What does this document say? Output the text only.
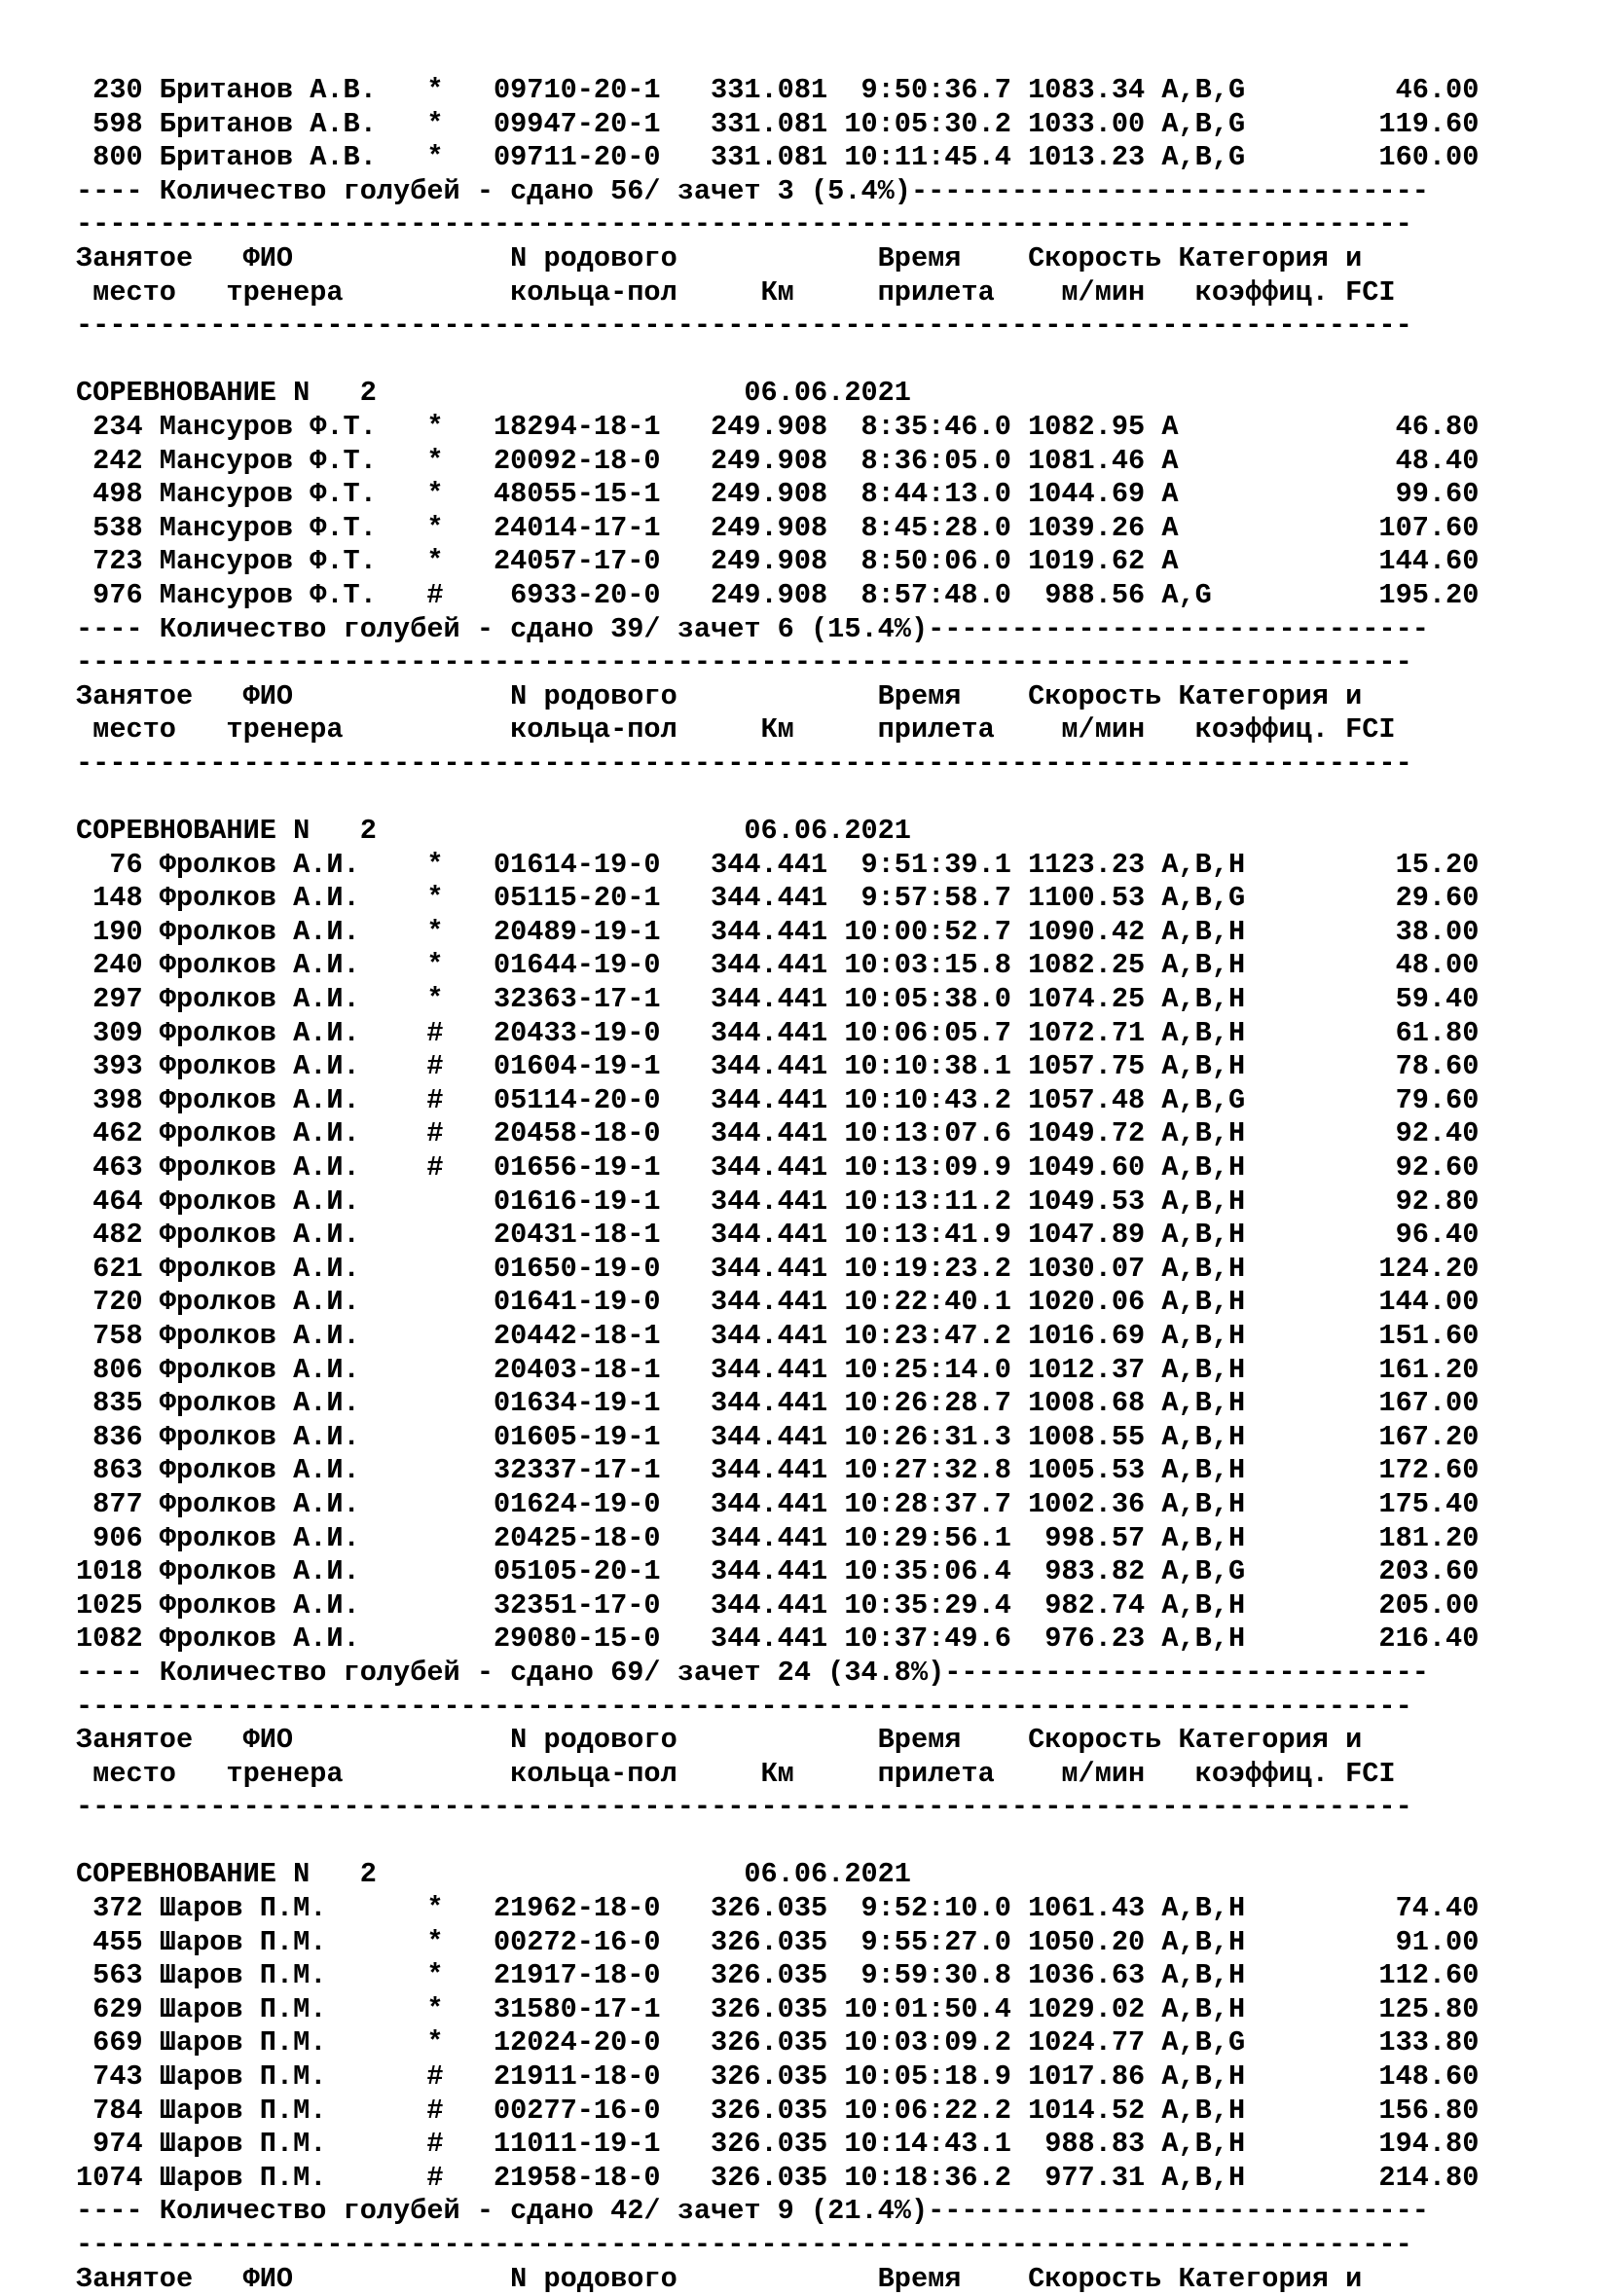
230 Британов А.В.   *   09710-20-1   331.081  9:50:36.7 1083.34 A,B,G         46.00
598 Британов А.В.   *   09947-20-1   331.081 10:05:30.2 1033.00 A,B,G        119.60
800 Британов А.В.   *   09711-20-0   331.081 10:11:45.4 1013.23 A,B,G        160.00
---- Количество голубей - сдано 56/ зачет 3 (5.4%)-------------------------------
--------------------------------------------------------------------------------
Занятое   ФИО             N родового            Время    Скорость Категория и
место   тренера          кольца-пол     Км     прилета    м/мин   коэффиц. FCI
--------------------------------------------------------------------------------

СОРЕВНОВАНИЕ N   2                      06.06.2021
234 Мансуров Ф.Т.   *   18294-18-1   249.908  8:35:46.0 1082.95 A             46.80
242 Мансуров Ф.Т.   *   20092-18-0   249.908  8:36:05.0 1081.46 A             48.40
498 Мансуров Ф.Т.   *   48055-15-1   249.908  8:44:13.0 1044.69 A             99.60
538 Мансуров Ф.Т.   *   24014-17-1   249.908  8:45:28.0 1039.26 A            107.60
723 Мансуров Ф.Т.   *   24057-17-0   249.908  8:50:06.0 1019.62 A            144.60
976 Мансуров Ф.Т.   #    6933-20-0   249.908  8:57:48.0  988.56 A,G          195.20
---- Количество голубей - сдано 39/ зачет 6 (15.4%)------------------------------
--------------------------------------------------------------------------------
Занятое   ФИО             N родового            Время    Скорость Категория и
место   тренера          кольца-пол     Км     прилета    м/мин   коэффиц. FCI
--------------------------------------------------------------------------------

СОРЕВНОВАНИЕ N   2                      06.06.2021
76 Фролков А.И.    *   01614-19-0   344.441  9:51:39.1 1123.23 A,B,H         15.20
148 Фролков А.И.    *   05115-20-1   344.441  9:57:58.7 1100.53 A,B,G         29.60
190 Фролков А.И.    *   20489-19-1   344.441 10:00:52.7 1090.42 A,B,H         38.00
240 Фролков А.И.    *   01644-19-0   344.441 10:03:15.8 1082.25 A,B,H         48.00
297 Фролков А.И.    *   32363-17-1   344.441 10:05:38.0 1074.25 A,B,H         59.40
309 Фролков А.И.    #   20433-19-0   344.441 10:06:05.7 1072.71 A,B,H         61.80
393 Фролков А.И.    #   01604-19-1   344.441 10:10:38.1 1057.75 A,B,H         78.60
398 Фролков А.И.    #   05114-20-0   344.441 10:10:43.2 1057.48 A,B,G         79.60
462 Фролков А.И.    #   20458-18-0   344.441 10:13:07.6 1049.72 A,B,H         92.40
463 Фролков А.И.    #   01656-19-1   344.441 10:13:09.9 1049.60 A,B,H         92.60
464 Фролков А.И.        01616-19-1   344.441 10:13:11.2 1049.53 A,B,H         92.80
482 Фролков А.И.        20431-18-1   344.441 10:13:41.9 1047.89 A,B,H         96.40
621 Фролков А.И.        01650-19-0   344.441 10:19:23.2 1030.07 A,B,H        124.20
720 Фролков А.И.        01641-19-0   344.441 10:22:40.1 1020.06 A,B,H        144.00
758 Фролков А.И.        20442-18-1   344.441 10:23:47.2 1016.69 A,B,H        151.60
806 Фролков А.И.        20403-18-1   344.441 10:25:14.0 1012.37 A,B,H        161.20
835 Фролков А.И.        01634-19-1   344.441 10:26:28.7 1008.68 A,B,H        167.00
836 Фролков А.И.        01605-19-1   344.441 10:26:31.3 1008.55 A,B,H        167.20
863 Фролков А.И.        32337-17-1   344.441 10:27:32.8 1005.53 A,B,H        172.60
877 Фролков А.И.        01624-19-0   344.441 10:28:37.7 1002.36 A,B,H        175.40
906 Фролков А.И.        20425-18-0   344.441 10:29:56.1  998.57 A,B,H        181.20
1018 Фролков А.И.        05105-20-1   344.441 10:35:06.4  983.82 A,B,G        203.60
1025 Фролков А.И.        32351-17-0   344.441 10:35:29.4  982.74 A,B,H        205.00
1082 Фролков А.И.        29080-15-0   344.441 10:37:49.6  976.23 A,B,H        216.40
---- Количество голубей - сдано 69/ зачет 24 (34.8%)-----------------------------
--------------------------------------------------------------------------------
Занятое   ФИО             N родового            Время    Скорость Категория и
место   тренера          кольца-пол     Км     прилета    м/мин   коэффиц. FCI
--------------------------------------------------------------------------------

СОРЕВНОВАНИЕ N   2                      06.06.2021
372 Шаров П.М.      *   21962-18-0   326.035  9:52:10.0 1061.43 A,B,H         74.40
455 Шаров П.М.      *   00272-16-0   326.035  9:55:27.0 1050.20 A,B,H         91.00
563 Шаров П.М.      *   21917-18-0   326.035  9:59:30.8 1036.63 A,B,H        112.60
629 Шаров П.М.      *   31580-17-1   326.035 10:01:50.4 1029.02 A,B,H        125.80
669 Шаров П.М.      *   12024-20-0   326.035 10:03:09.2 1024.77 A,B,G        133.80
743 Шаров П.М.      #   21911-18-0   326.035 10:05:18.9 1017.86 A,B,H        148.60
784 Шаров П.М.      #   00277-16-0   326.035 10:06:22.2 1014.52 A,B,H        156.80
974 Шаров П.М.      #   11011-19-1   326.035 10:14:43.1  988.83 A,B,H        194.80
1074 Шаров П.М.      #   21958-18-0   326.035 10:18:36.2  977.31 A,B,H        214.80
---- Количество голубей - сдано 42/ зачет 9 (21.4%)------------------------------
--------------------------------------------------------------------------------
Занятое   ФИО             N родового            Время    Скорость Категория и
